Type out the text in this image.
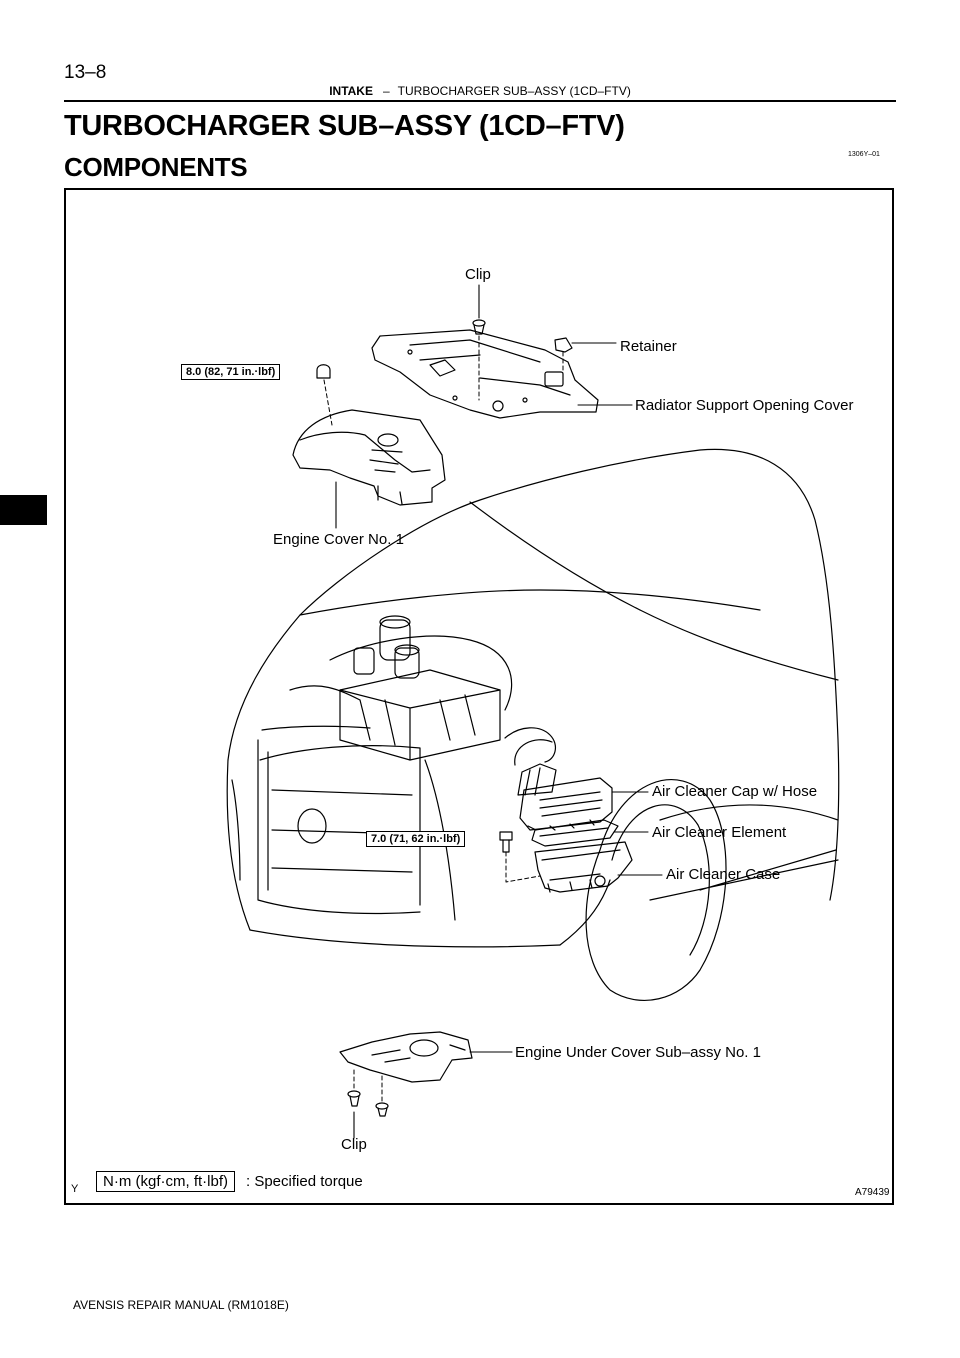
13–8
INTAKE – TURBOCHARGER SUB–ASSY (1CD–FTV)
TURBOCHARGER SUB–ASSY (1CD–FTV)
COMPONENTS	1306Y–01
Clip
Retainer
Radiator Support Opening Cover
Engine Cover No. 1
Air Cleaner Cap w/ Hose
Air Cleaner Element
Air Cleaner Case
Engine Under Cover Sub–assy No. 1
Clip
8.0 (82, 71 in.·lbf)
7.0 (71, 62 in.·lbf)
N·m (kgf·cm, ft·lbf)	: Specified torque
Y	A79439
AVENSIS REPAIR MANUAL (RM1018E)
